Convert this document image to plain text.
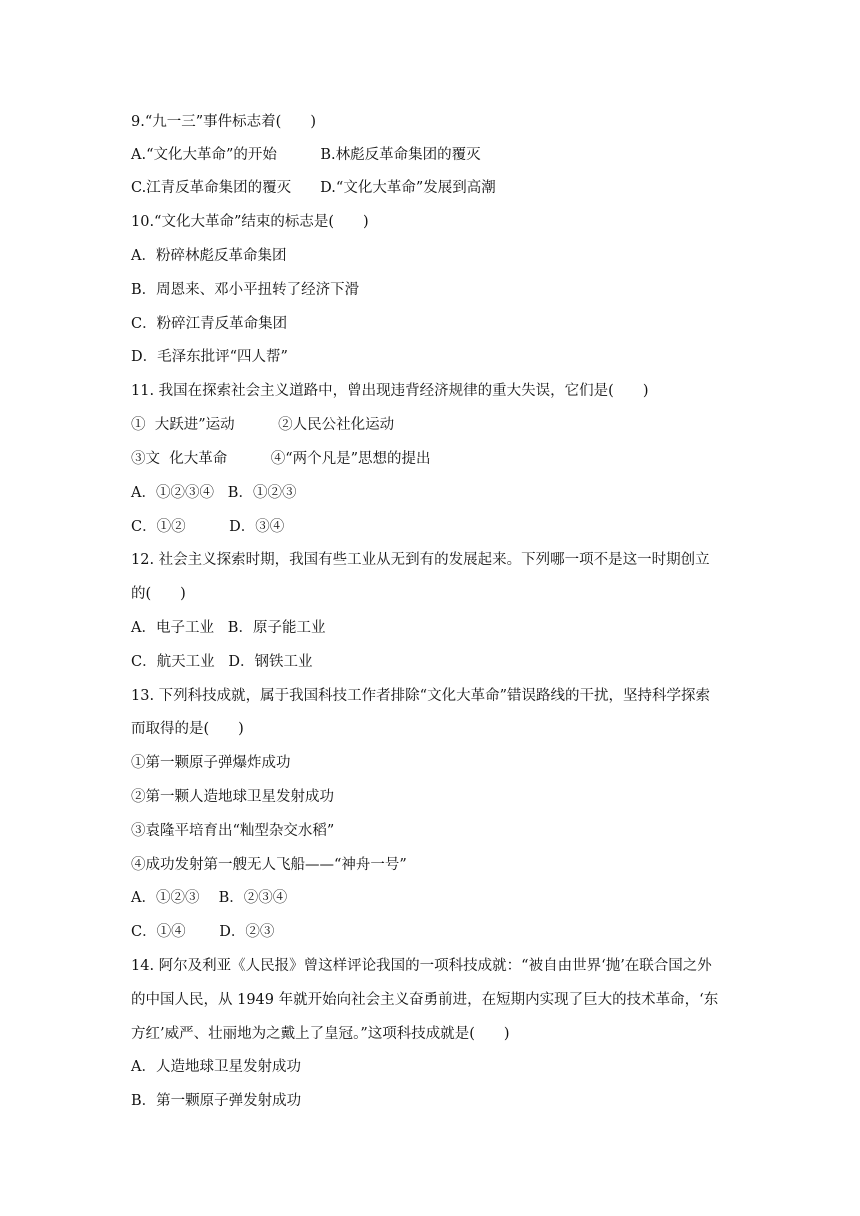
9.“九一三”事件标志着(　　)
A.“文化大革命”的开始　　　B.林彪反革命集团的覆灭
C.江青反革命集团的覆灭　　D.“文化大革命”发展到高潮
10.“文化大革命”结束的标志是(　　)
A．粉碎林彪反革命集团
B．周恩来、邓小平扭转了经济下滑
C．粉碎江青反革命集团
D．毛泽东批评“四人帮”
11. 我国在探索社会主义道路中，曾出现违背经济规律的重大失误，它们是(　　)
①  大跃进”运动　　　②人民公社化运动
③文  化大革命　　　④“两个凡是”思想的提出
A．①②③④   B．①②③
C．①②　　　D．③④
12. 社会主义探索时期，我国有些工业从无到有的发展起来。下列哪一项不是这一时期创立
的(　　)
A．电子工业   B．原子能工业
C．航天工业   D．钢铁工业
13. 下列科技成就，属于我国科技工作者排除“文化大革命”错误路线的干扰，坚持科学探索
而取得的是(　　)
①第一颗原子弹爆炸成功
②第一颗人造地球卫星发射成功
③袁隆平培育出“籼型杂交水稻”
④成功发射第一艘无人飞船——“神舟一号”
A．①②③　 B．②③④
C．①④　　 D．②③
14. 阿尔及利亚《人民报》曾这样评论我国的一项科技成就：“被自由世界‘抛’在联合国之外
的中国人民，从 1949 年就开始向社会主义奋勇前进，在短期内实现了巨大的技术革命，‘东
方红’威严、壮丽地为之戴上了皇冠。”这项科技成就是(　　)
A．人造地球卫星发射成功
B．第一颗原子弹发射成功
